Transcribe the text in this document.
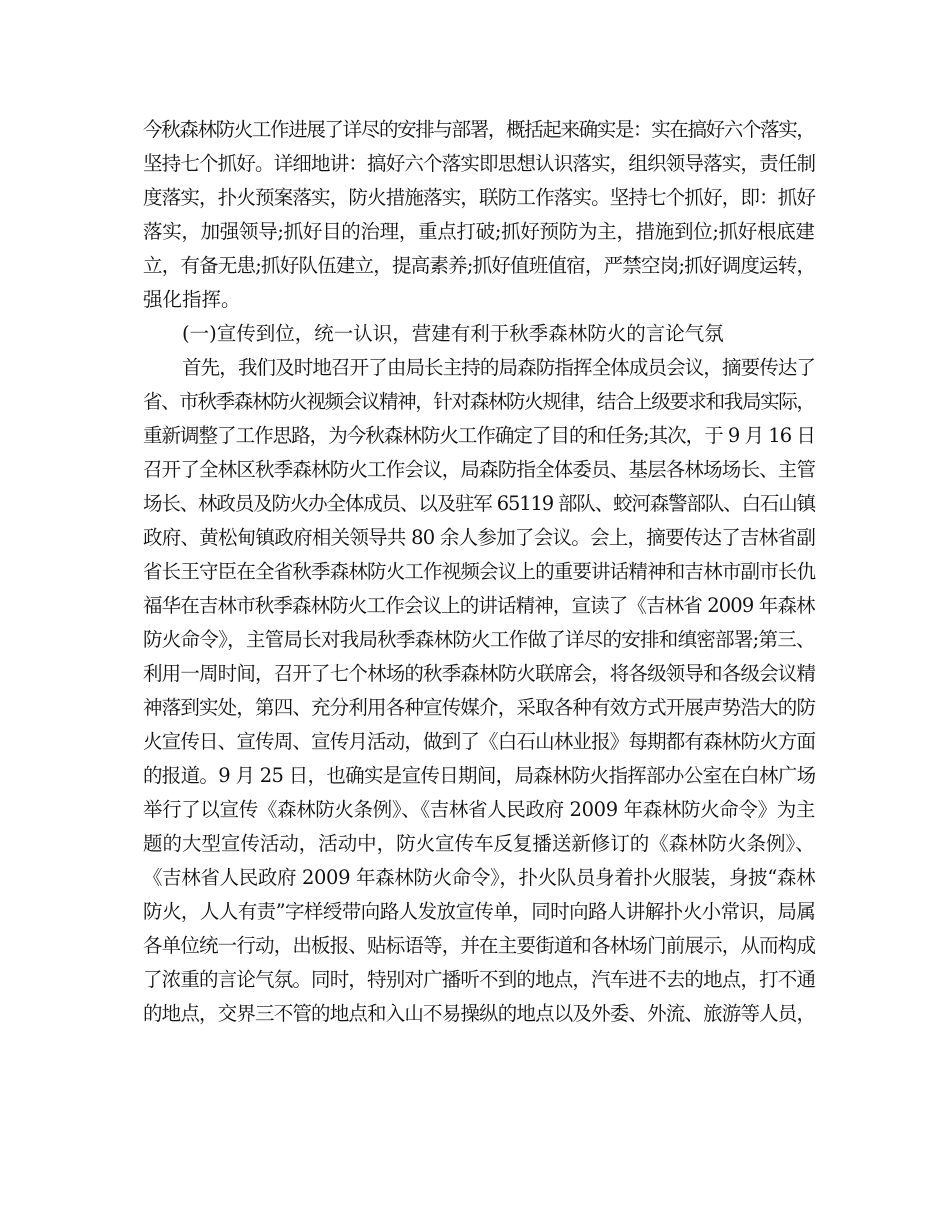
今秋森林防火工作进展了详尽的安排与部署，概括起来确实是：实在搞好六个落实，
坚持七个抓好。详细地讲：搞好六个落实即思想认识落实，组织领导落实，责任制
度落实，扑火预案落实，防火措施落实，联防工作落实。坚持七个抓好，即：抓好
落实，加强领导;抓好目的治理，重点打破;抓好预防为主，措施到位;抓好根底建
立，有备无患;抓好队伍建立，提高素养;抓好值班值宿，严禁空岗;抓好调度运转，
强化指挥。
(一)宣传到位，统一认识，营建有利于秋季森林防火的言论气氛
首先，我们及时地召开了由局长主持的局森防指挥全体成员会议，摘要传达了
省、市秋季森林防火视频会议精神，针对森林防火规律，结合上级要求和我局实际，
重新调整了工作思路，为今秋森林防火工作确定了目的和任务;其次，于 9 月 16 日
召开了全林区秋季森林防火工作会议，局森防指全体委员、基层各林场场长、主管
场长、林政员及防火办全体成员、以及驻军 65119 部队、蛟河森警部队、白石山镇
政府、黄松甸镇政府相关领导共 80 余人参加了会议。会上，摘要传达了吉林省副
省长王守臣在全省秋季森林防火工作视频会议上的重要讲话精神和吉林市副市长仇
福华在吉林市秋季森林防火工作会议上的讲话精神，宣读了《吉林省 2009 年森林
防火命令》，主管局长对我局秋季森林防火工作做了详尽的安排和缜密部署;第三、
利用一周时间，召开了七个林场的秋季森林防火联席会，将各级领导和各级会议精
神落到实处，第四、充分利用各种宣传媒介，采取各种有效方式开展声势浩大的防
火宣传日、宣传周、宣传月活动，做到了《白石山林业报》每期都有森林防火方面
的报道。9 月 25 日，也确实是宣传日期间，局森林防火指挥部办公室在白林广场
举行了以宣传《森林防火条例》、《吉林省人民政府 2009 年森林防火命令》为主
题的大型宣传活动，活动中，防火宣传车反复播送新修订的《森林防火条例》、
《吉林省人民政府 2009 年森林防火命令》，扑火队员身着扑火服装，身披“森林
防火，人人有责”字样绶带向路人发放宣传单，同时向路人讲解扑火小常识，局属
各单位统一行动，出板报、贴标语等，并在主要街道和各林场门前展示，从而构成
了浓重的言论气氛。同时，特别对广播听不到的地点，汽车进不去的地点，打不通
的地点，交界三不管的地点和入山不易操纵的地点以及外委、外流、旅游等人员，
